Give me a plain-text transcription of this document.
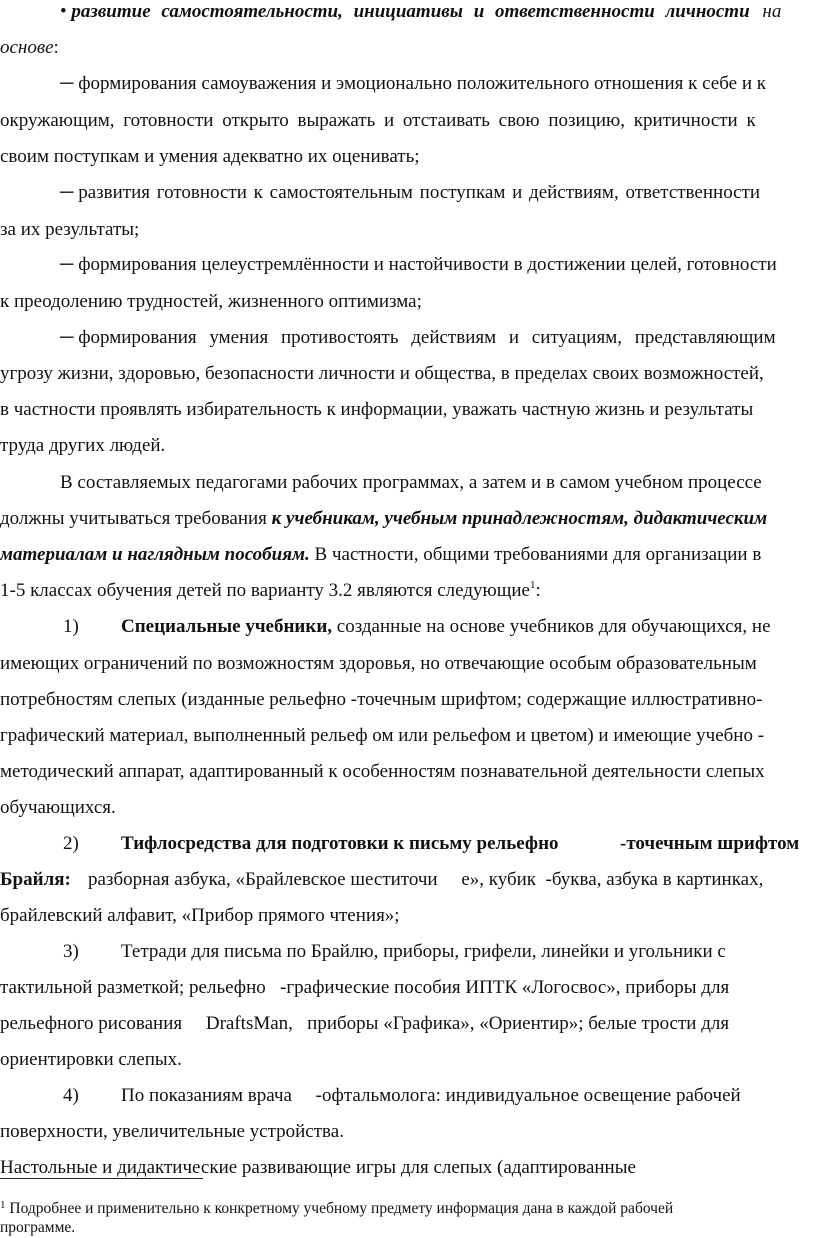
• развитие самостоятельности, инициативы и ответственности личности на
основе:
─ формирования самоуважения и эмоционально положительного отношения к себе и к
окружающим, готовности открыто выражать и отстаивать свою позицию, критичности к
своим поступкам и умения адекватно их оценивать;
─ развития готовности к самостоятельным поступкам и действиям, ответственности
за их результаты;
─ формирования целеустремлённости и настойчивости в достижении целей, готовности
к преодолению трудностей, жизненного оптимизма;
─ формирования умения противостоять действиям и ситуациям, представляющим
угрозу жизни, здоровью, безопасности личности и общества, в пределах своих возможностей,
в частности проявлять избирательность к информации, уважать частную жизнь и результаты
труда других людей.
В составляемых педагогами рабочих программах, а затем и в самом учебном процессе
должны учитываться требования к учебникам, учебным принадлежностям, дидактическим
материалам и наглядным пособиям. В частности, общими требованиями для организации в
1-5 классах обучения детей по варианту 3.2 являются следующие$^1$:
1) Специальные учебники, созданные на основе учебников для обучающихся, не
имеющих ограничений по возможностям здоровья, но отвечающие особым образовательным
потребностям слепых (изданные рельефно -точечным шрифтом; содержащие иллюстративно-
графический материал, выполненный рельеф ом или рельефом и цветом) и имеющие учебно -
методический аппарат, адаптированный к особенностям познавательной деятельности слепых
обучающихся.
2) Тифлосредства для подготовки к письму рельефно	-точечным шрифтом
Брайля: разборная азбука, «Брайлевское шеститочи     е», кубик  -буква, азбука в картинках,
брайлевский алфавит, «Прибор прямого чтения»;
3) Тетради для письма по Брайлю, приборы, грифели, линейки и угольники с
тактильной разметкой; рельефно   -графические пособия ИПТК «Логосвос», приборы для
рельефного рисования     DraftsMan,   приборы «Графика», «Ориентир»; белые трости для
ориентировки слепых.
4) По показаниям врача     -офтальмолога: индивидуальное освещение рабочей
поверхности, увеличительные устройства.
Настольные и дидактические развивающие игры для слепых (адаптированные
$^1$ Подробнее и применительно к конкретному учебному предмету информация дана в каждой рабочей
программе.
